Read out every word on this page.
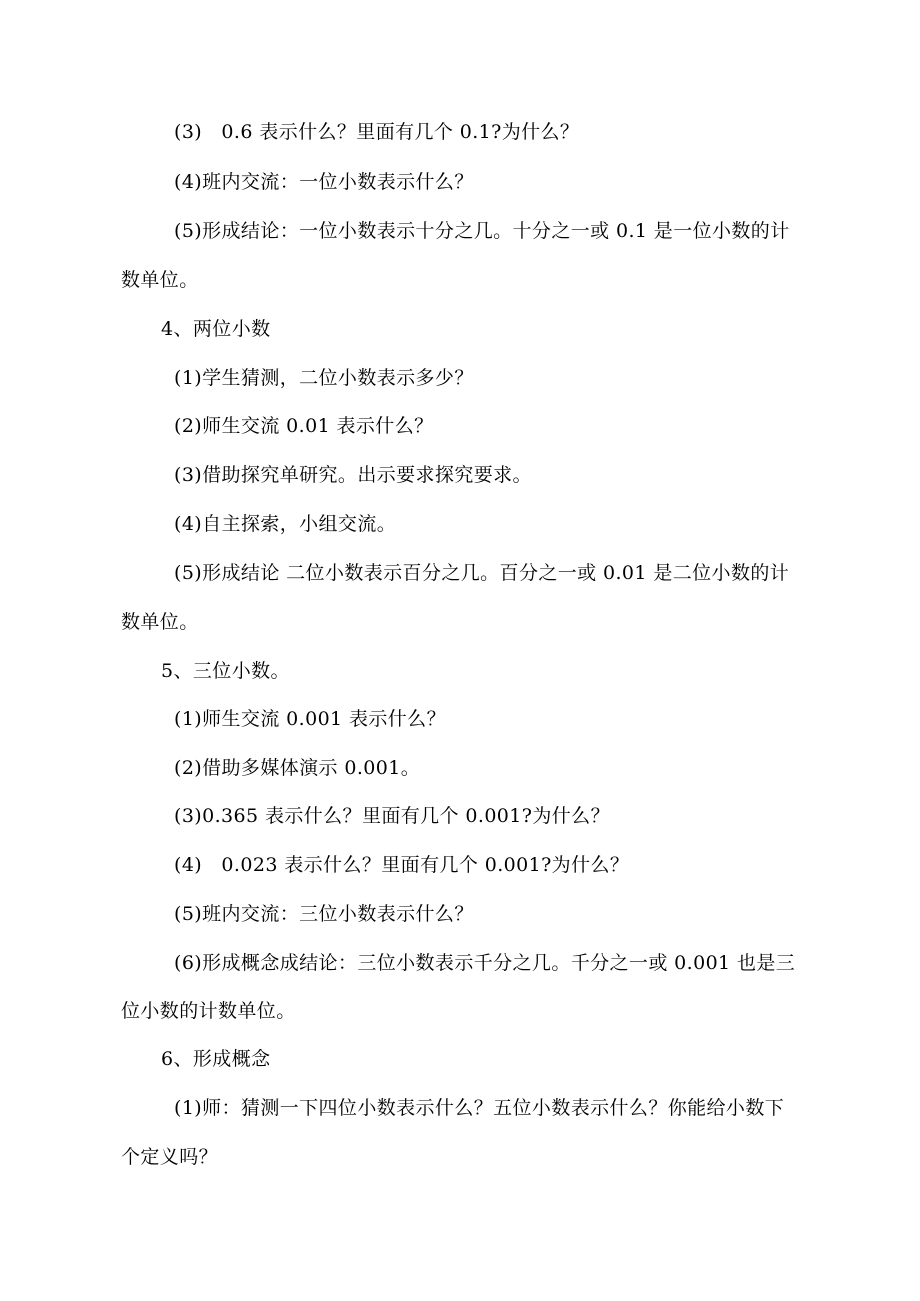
(3)   0.6 表示什么？里面有几个 0.1?为什么？
(4)班内交流：一位小数表示什么？
(5)形成结论：一位小数表示十分之几。十分之一或 0.1 是一位小数的计
数单位。
4、两位小数
(1)学生猜测，二位小数表示多少？
(2)师生交流 0.01 表示什么？
(3)借助探究单研究。出示要求探究要求。
(4)自主探索，小组交流。
(5)形成结论 二位小数表示百分之几。百分之一或 0.01 是二位小数的计
数单位。
5、三位小数。
(1)师生交流 0.001 表示什么？
(2)借助多媒体演示 0.001。
(3)0.365 表示什么？里面有几个 0.001?为什么？
(4)   0.023 表示什么？里面有几个 0.001?为什么？
(5)班内交流：三位小数表示什么？
(6)形成概念成结论：三位小数表示千分之几。千分之一或 0.001 也是三
位小数的计数单位。
6、形成概念
(1)师：猜测一下四位小数表示什么？五位小数表示什么？你能给小数下
个定义吗？
